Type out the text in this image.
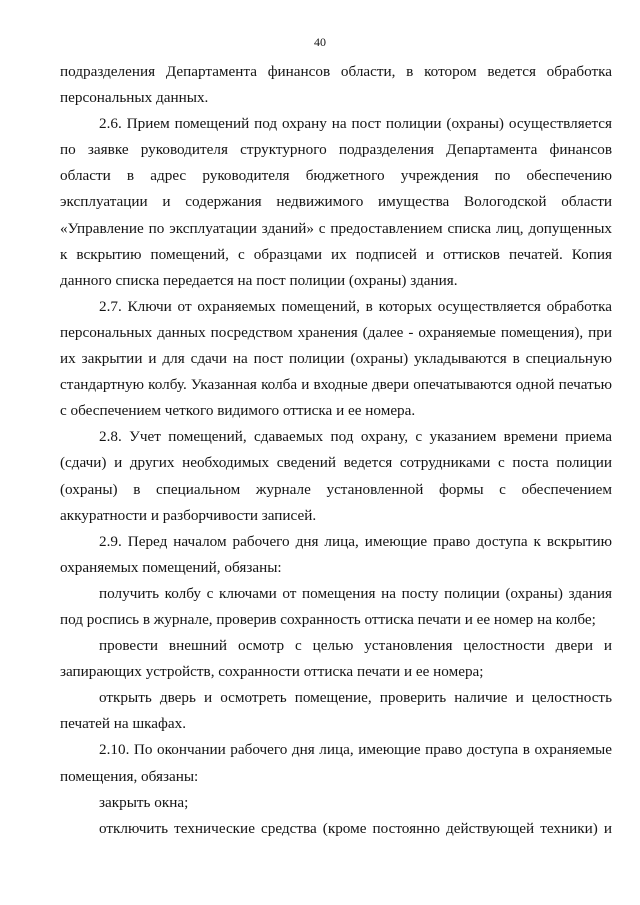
40

подразделения Департамента финансов области, в котором ведется обработка персональных данных.

2.6. Прием помещений под охрану на пост полиции (охраны) осуществляется по заявке руководителя структурного подразделения Департамента финансов области в адрес руководителя бюджетного учреждения по обеспечению эксплуатации и содержания недвижимого имущества Вологодской области «Управление по эксплуатации зданий» с предоставлением списка лиц, допущенных к вскрытию помещений, с образцами их подписей и оттисков печатей. Копия данного списка передается на пост полиции (охраны) здания.

2.7. Ключи от охраняемых помещений, в которых осуществляется обработка персональных данных посредством хранения (далее - охраняемые помещения), при их закрытии и для сдачи на пост полиции (охраны) укладываются в специальную стандартную колбу. Указанная колба и входные двери опечатываются одной печатью с обеспечением четкого видимого оттиска и ее номера.

2.8. Учет помещений, сдаваемых под охрану, с указанием времени приема (сдачи) и других необходимых сведений ведется сотрудниками с поста полиции (охраны) в специальном журнале установленной формы с обеспечением аккуратности и разборчивости записей.

2.9. Перед началом рабочего дня лица, имеющие право доступа к вскрытию охраняемых помещений, обязаны:

получить колбу с ключами от помещения на посту полиции (охраны) здания под роспись в журнале, проверив сохранность оттиска печати и ее номер на колбе;

провести внешний осмотр с целью установления целостности двери и запирающих устройств, сохранности оттиска печати и ее номера;

открыть дверь и осмотреть помещение, проверить наличие и целостность печатей на шкафах.

2.10. По окончании рабочего дня лица, имеющие право доступа в охраняемые помещения, обязаны:

закрыть окна;

отключить технические средства (кроме постоянно действующей техники) и
